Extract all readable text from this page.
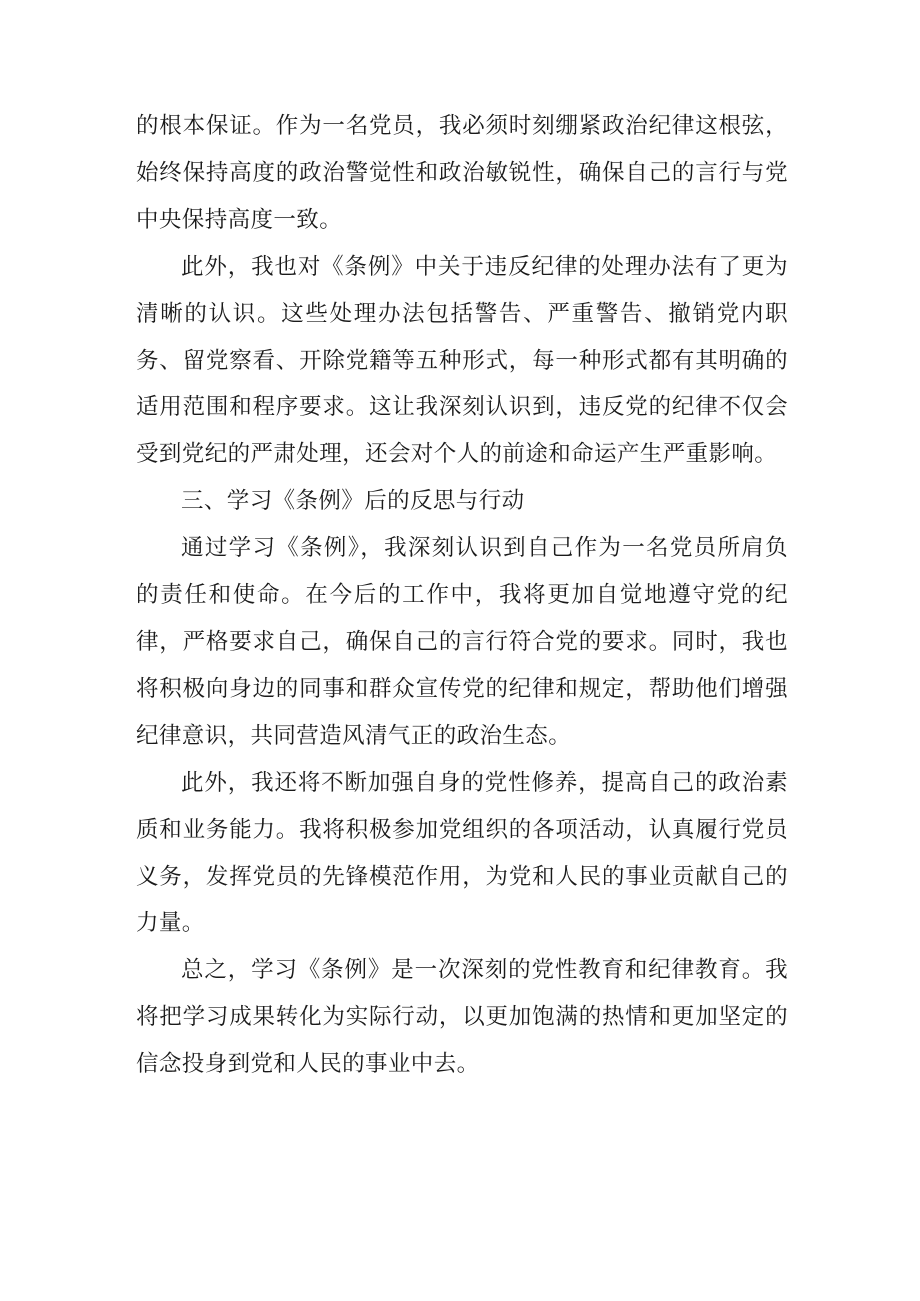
的根本保证。作为一名党员，我必须时刻绷紧政治纪律这根弦，始终保持高度的政治警觉性和政治敏锐性，确保自己的言行与党中央保持高度一致。

此外，我也对《条例》中关于违反纪律的处理办法有了更为清晰的认识。这些处理办法包括警告、严重警告、撤销党内职务、留党察看、开除党籍等五种形式，每一种形式都有其明确的适用范围和程序要求。这让我深刻认识到，违反党的纪律不仅会受到党纪的严肃处理，还会对个人的前途和命运产生严重影响。

三、学习《条例》后的反思与行动

通过学习《条例》，我深刻认识到自己作为一名党员所肩负的责任和使命。在今后的工作中，我将更加自觉地遵守党的纪律，严格要求自己，确保自己的言行符合党的要求。同时，我也将积极向身边的同事和群众宣传党的纪律和规定，帮助他们增强纪律意识，共同营造风清气正的政治生态。

此外，我还将不断加强自身的党性修养，提高自己的政治素质和业务能力。我将积极参加党组织的各项活动，认真履行党员义务，发挥党员的先锋模范作用，为党和人民的事业贡献自己的力量。

总之，学习《条例》是一次深刻的党性教育和纪律教育。我将把学习成果转化为实际行动，以更加饱满的热情和更加坚定的信念投身到党和人民的事业中去。
